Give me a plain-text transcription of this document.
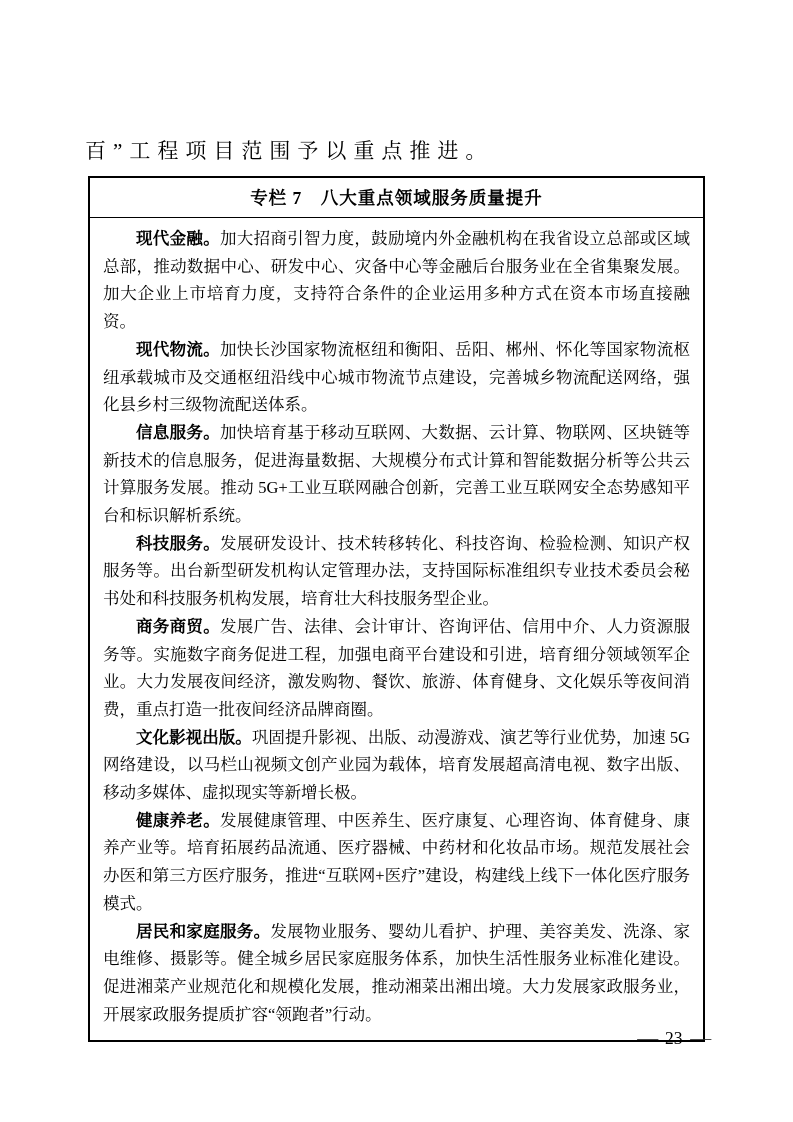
百”工程项目范围予以重点推进。
专栏 7　八大重点领域服务质量提升

现代金融。加大招商引智力度，鼓励境内外金融机构在我省设立总部或区域总部，推动数据中心、研发中心、灾备中心等金融后台服务业在全省集聚发展。加大企业上市培育力度，支持符合条件的企业运用多种方式在资本市场直接融资。

现代物流。加快长沙国家物流枢纽和衡阳、岳阳、郴州、怀化等国家物流枢纽承载城市及交通枢纽沿线中心城市物流节点建设，完善城乡物流配送网络，强化县乡村三级物流配送体系。

信息服务。加快培育基于移动互联网、大数据、云计算、物联网、区块链等新技术的信息服务，促进海量数据、大规模分布式计算和智能数据分析等公共云计算服务发展。推动 5G+工业互联网融合创新，完善工业互联网安全态势感知平台和标识解析系统。

科技服务。发展研发设计、技术转移转化、科技咨询、检验检测、知识产权服务等。出台新型研发机构认定管理办法，支持国际标准组织专业技术委员会秘书处和科技服务机构发展，培育壮大科技服务型企业。

商务商贸。发展广告、法律、会计审计、咨询评估、信用中介、人力资源服务等。实施数字商务促进工程，加强电商平台建设和引进，培育细分领域领军企业。大力发展夜间经济，激发购物、餐饮、旅游、体育健身、文化娱乐等夜间消费，重点打造一批夜间经济品牌商圈。

文化影视出版。巩固提升影视、出版、动漫游戏、演艺等行业优势，加速 5G 网络建设，以马栏山视频文创产业园为载体，培育发展超高清电视、数字出版、移动多媒体、虚拟现实等新增长极。

健康养老。发展健康管理、中医养生、医疗康复、心理咨询、体育健身、康养产业等。培育拓展药品流通、医疗器械、中药材和化妆品市场。规范发展社会办医和第三方医疗服务，推进“互联网+医疗”建设，构建线上线下一体化医疗服务模式。

居民和家庭服务。发展物业服务、婴幼儿看护、护理、美容美发、洗涤、家电维修、摄影等。健全城乡居民家庭服务体系，加快生活性服务业标准化建设。促进湘菜产业规范化和规模化发展，推动湘菜出湘出境。大力发展家政服务业，开展家政服务提质扩容“领跑者”行动。

— 23 —
